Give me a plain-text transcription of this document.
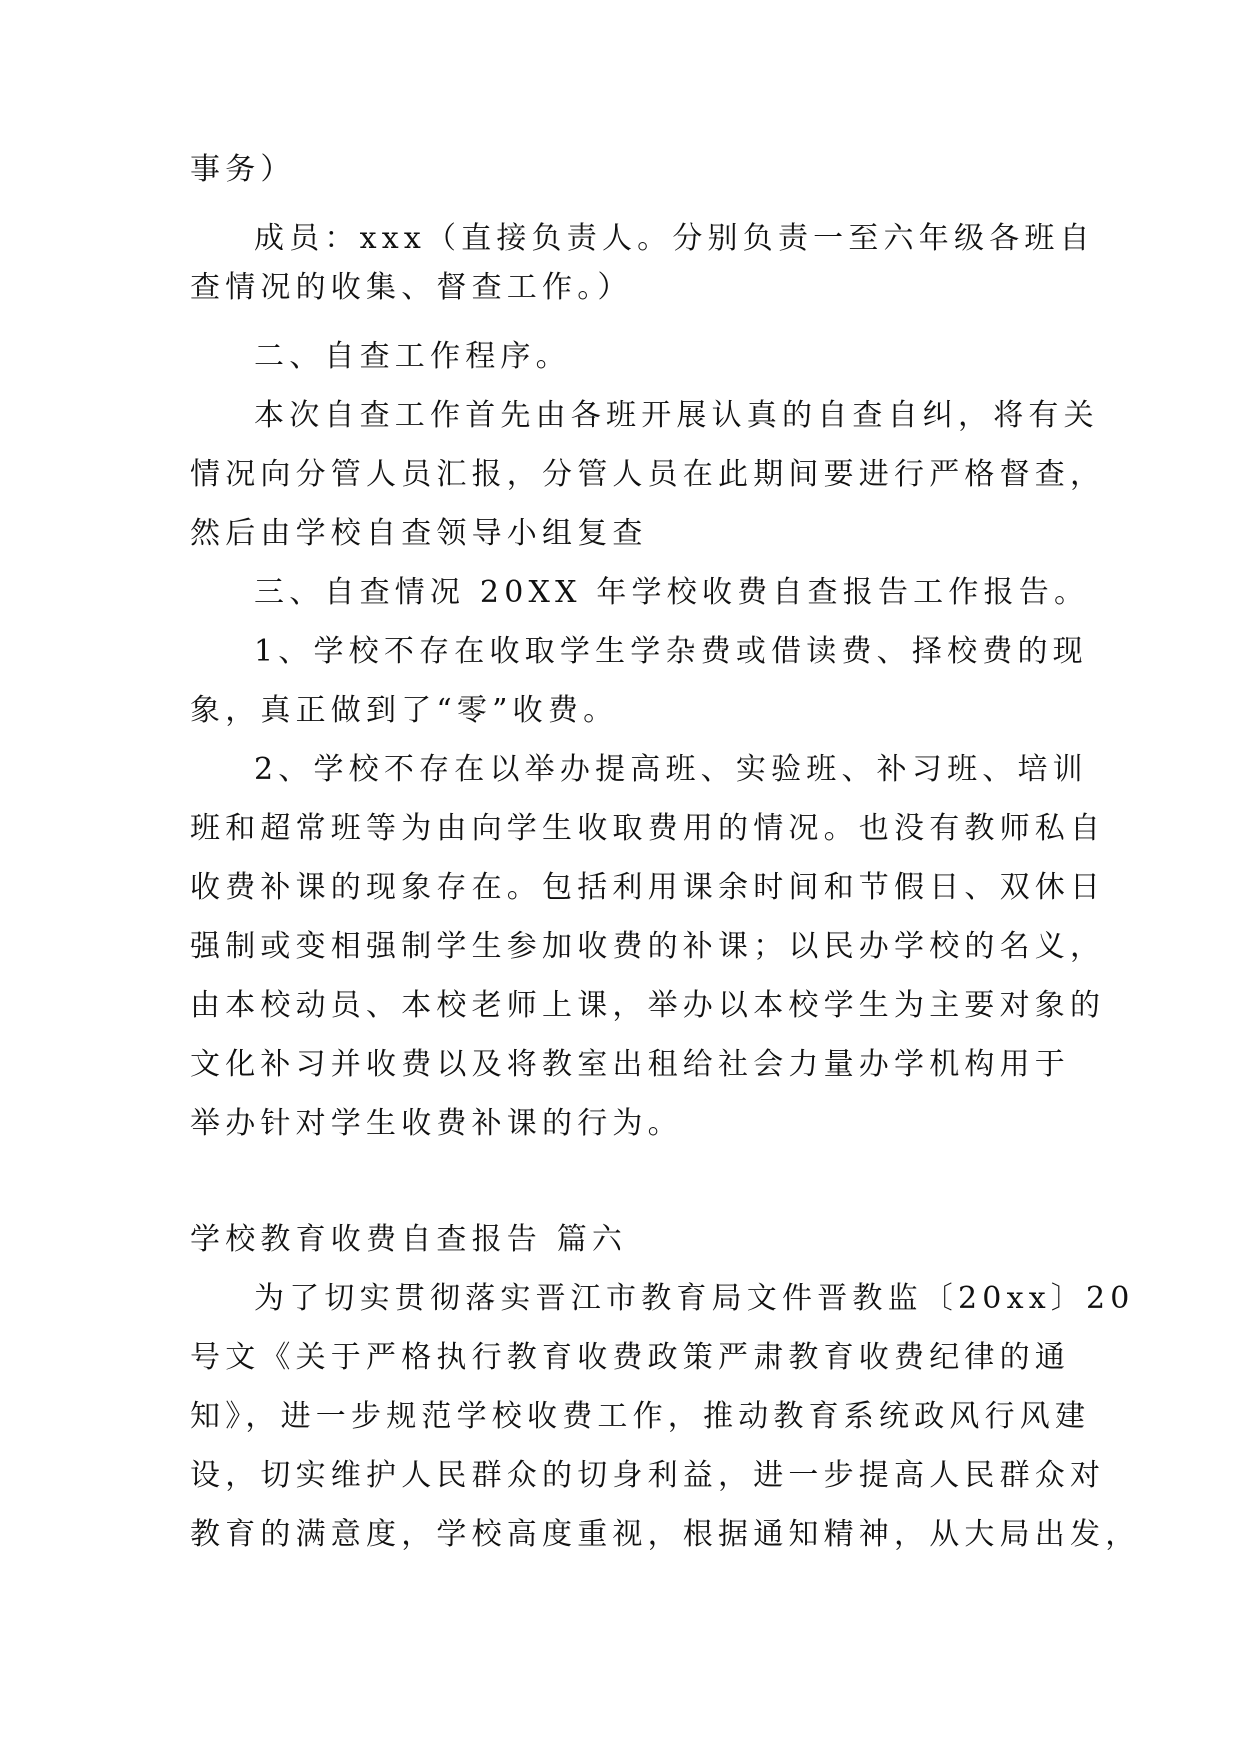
事务）
成员：xxx（直接负责人。分别负责一至六年级各班自
查情况的收集、督查工作。）
二、自查工作程序。
本次自查工作首先由各班开展认真的自查自纠，将有关
情况向分管人员汇报，分管人员在此期间要进行严格督查，
然后由学校自查领导小组复查
三、自查情况 20XX 年学校收费自查报告工作报告。
1、学校不存在收取学生学杂费或借读费、择校费的现
象，真正做到了“零”收费。
2、学校不存在以举办提高班、实验班、补习班、培训
班和超常班等为由向学生收取费用的情况。也没有教师私自
收费补课的现象存在。包括利用课余时间和节假日、双休日
强制或变相强制学生参加收费的补课；以民办学校的名义，
由本校动员、本校老师上课，举办以本校学生为主要对象的
文化补习并收费以及将教室出租给社会力量办学机构用于
举办针对学生收费补课的行为。
学校教育收费自查报告 篇六
为了切实贯彻落实晋江市教育局文件晋教监〔20xx〕20
号文《关于严格执行教育收费政策严肃教育收费纪律的通
知》，进一步规范学校收费工作，推动教育系统政风行风建
设，切实维护人民群众的切身利益，进一步提高人民群众对
教育的满意度，学校高度重视，根据通知精神，从大局出发，
